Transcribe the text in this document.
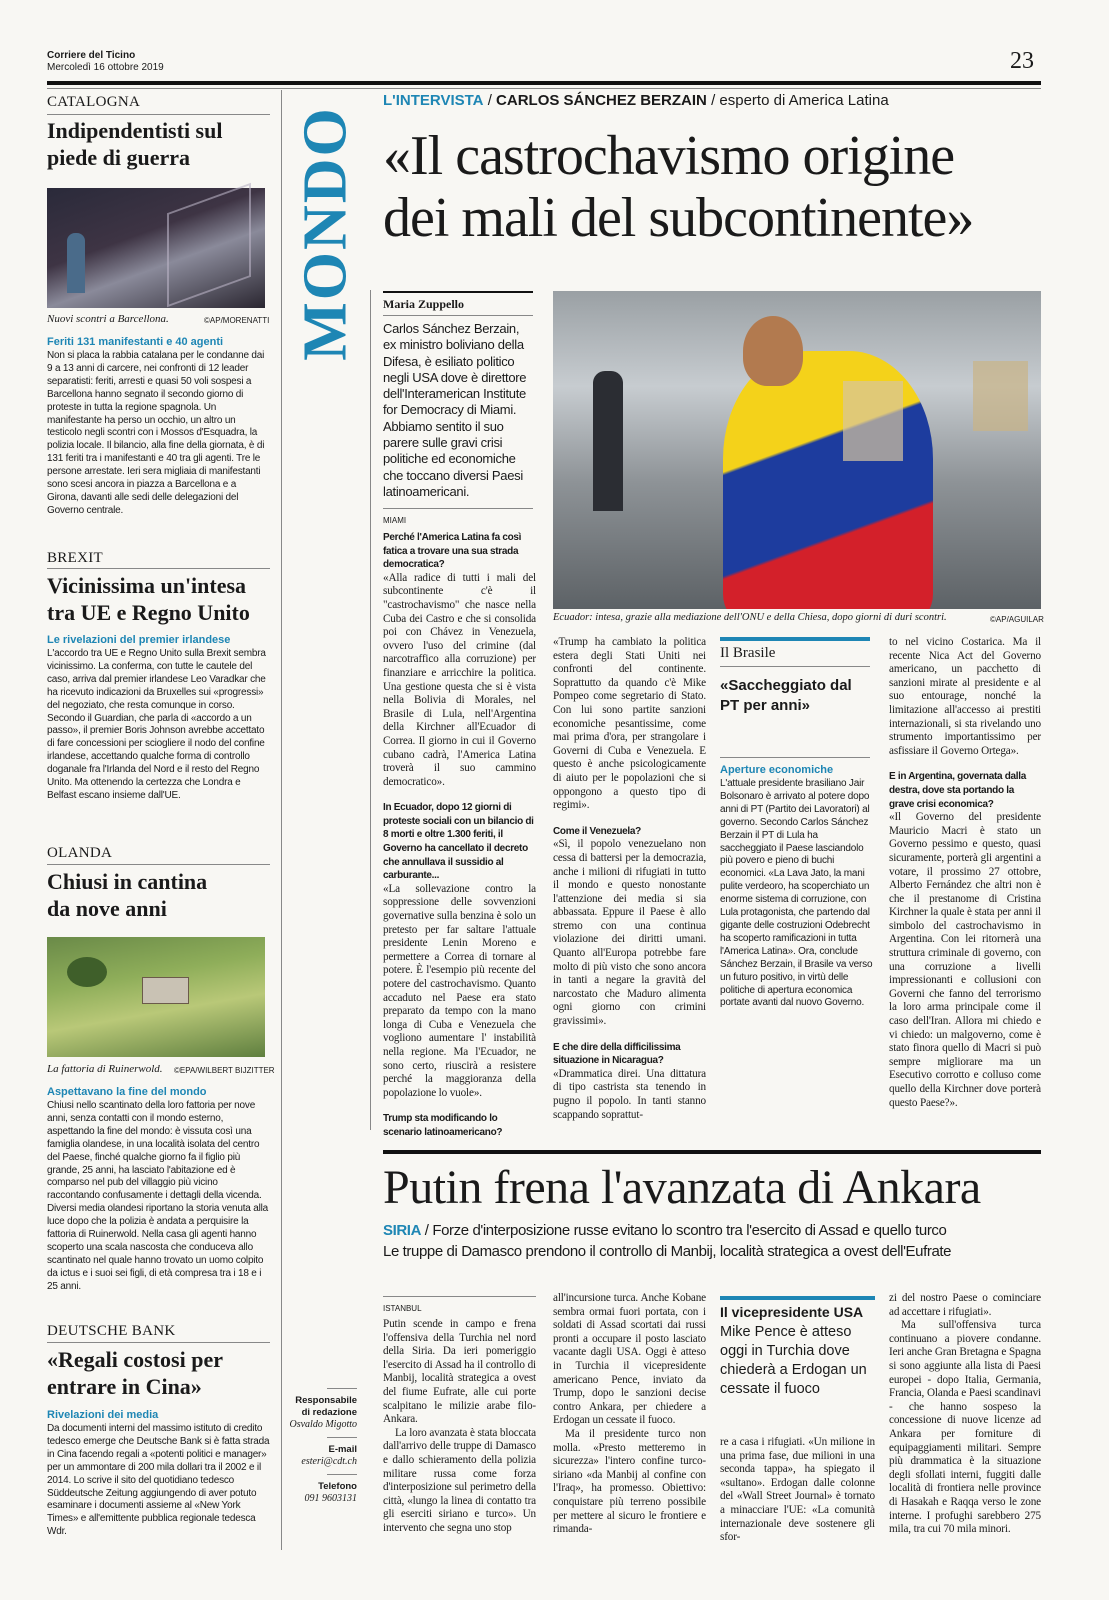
Corriere del Ticino
Mercoledì 16 ottobre 2019	23
MONDO
CATALOGNA
Indipendentisti sul piede di guerra
Nuovi scontri a Barcellona.	©AP/MORENATTI
Feriti 131 manifestanti e 40 agenti
Non si placa la rabbia catalana per le condanne dai 9 a 13 anni di carcere, nei confronti di 12 leader separatisti: feriti, arresti e quasi 50 voli sospesi a Barcellona hanno segnato il secondo giorno di proteste in tutta la regione spagnola. Un manifestante ha perso un occhio, un altro un testicolo negli scontri con i Mossos d'Esquadra, la polizia locale. Il bilancio, alla fine della giornata, è di 131 feriti tra i manifestanti e 40 tra gli agenti. Tre le persone arrestate. Ieri sera migliaia di manifestanti sono scesi ancora in piazza a Barcellona e a Girona, davanti alle sedi delle delegazioni del Governo centrale.
BREXIT
Vicinissima un'intesa tra UE e Regno Unito
Le rivelazioni del premier irlandese
L'accordo tra UE e Regno Unito sulla Brexit sembra vicinissimo. La conferma, con tutte le cautele del caso, arriva dal premier irlandese Leo Varadkar che ha ricevuto indicazioni da Bruxelles sui «progressi» del negoziato, che resta comunque in corso. Secondo il Guardian, che parla di «accordo a un passo», il premier Boris Johnson avrebbe accettato di fare concessioni per sciogliere il nodo del confine irlandese, accettando qualche forma di controllo doganale fra l'Irlanda del Nord e il resto del Regno Unito. Ma ottenendo la certezza che Londra e Belfast escano insieme dall'UE.
OLANDA
Chiusi in cantina da nove anni
La fattoria di Ruinerwold.	©EPA/WILBERT BIJZITTER
Aspettavano la fine del mondo
Chiusi nello scantinato della loro fattoria per nove anni, senza contatti con il mondo esterno, aspettando la fine del mondo: è vissuta così una famiglia olandese, in una località isolata del centro del Paese, finché qualche giorno fa il figlio più grande, 25 anni, ha lasciato l'abitazione ed è comparso nel pub del villaggio più vicino raccontando confusamente i dettagli della vicenda. Diversi media olandesi riportano la storia venuta alla luce dopo che la polizia è andata a perquisire la fattoria di Ruinerwold. Nella casa gli agenti hanno scoperto una scala nascosta che conduceva allo scantinato nel quale hanno trovato un uomo colpito da ictus e i suoi sei figli, di età compresa tra i 18 e i 25 anni.
DEUTSCHE BANK
«Regali costosi per entrare in Cina»
Rivelazioni dei media
Da documenti interni del massimo istituto di credito tedesco emerge che Deutsche Bank si è fatta strada in Cina facendo regali a «potenti politici e manager» per un ammontare di 200 mila dollari tra il 2002 e il 2014. Lo scrive il sito del quotidiano tedesco Süddeutsche Zeitung aggiungendo di aver potuto esaminare i documenti assieme al «New York Times» e all'emittente pubblica regionale tedesca Wdr.
Responsabile di redazione
Osvaldo Migotto
E-mail
esteri@cdt.ch
Telefono
091 9603131
L'INTERVISTA / CARLOS SÁNCHEZ BERZAIN / esperto di America Latina
«Il castrochavismo origine
dei mali del subcontinente»
Maria Zuppello
Carlos Sánchez Berzain, ex ministro boliviano della Difesa, è esiliato politico negli USA dove è direttore dell'Interamerican Institute for Democracy di Miami. Abbiamo sentito il suo parere sulle gravi crisi politiche ed economiche che toccano diversi Paesi latinoamericani.
MIAMI
Ecuador: intesa, grazie alla mediazione dell'ONU e della Chiesa, dopo giorni di duri scontri.	©AP/AGUILAR
Perché l'America Latina fa così fatica a trovare una sua strada democratica?
«Alla radice di tutti i mali del subcontinente c'è il "castrochavismo" che nasce nella Cuba dei Castro e che si consolida poi con Chávez in Venezuela, ovvero l'uso del crimine (dal narcotraffico alla corruzione) per finanziare e arricchire la politica. Una gestione questa che si è vista nella Bolivia di Morales, nel Brasile di Lula, nell'Argentina della Kirchner all'Ecuador di Correa. Il giorno in cui il Governo cubano cadrà, l'America Latina troverà il suo cammino democratico».
In Ecuador, dopo 12 giorni di proteste sociali con un bilancio di 8 morti e oltre 1.300 feriti, il Governo ha cancellato il decreto che annullava il sussidio al carburante...
«La sollevazione contro la soppressione delle sovvenzioni governative sulla benzina è solo un pretesto per far saltare l'attuale presidente Lenin Moreno e permettere a Correa di tornare al potere. È l'esempio più recente del potere del castrochavismo. Quanto accaduto nel Paese era stato preparato da tempo con la mano longa di Cuba e Venezuela che vogliono aumentare l' instabilità nella regione. Ma l'Ecuador, ne sono certo, riuscirà a resistere perché la maggioranza della popolazione lo vuole».
Trump sta modificando lo scenario latinoamericano?
«Trump ha cambiato la politica estera degli Stati Uniti nei confronti del continente. Soprattutto da quando c'è Mike Pompeo come segretario di Stato. Con lui sono partite sanzioni economiche pesantissime, come mai prima d'ora, per strangolare i Governi di Cuba e Venezuela. E questo è anche psicologicamente di aiuto per le popolazioni che si oppongono a questo tipo di regimi».
Come il Venezuela?
«Sì, il popolo venezuelano non cessa di battersi per la democrazia, anche i milioni di rifugiati in tutto il mondo e questo nonostante l'attenzione dei media si sia abbassata. Eppure il Paese è allo stremo con una continua violazione dei diritti umani. Quanto all'Europa potrebbe fare molto di più visto che sono ancora in tanti a negare la gravità del narcostato che Maduro alimenta ogni giorno con crimini gravissimi».
E che dire della difficilissima situazione in Nicaragua?
«Drammatica direi. Una dittatura di tipo castrista sta tenendo in pugno il popolo. In tanti stanno scappando soprattut-
Il Brasile
«Saccheggiato dal PT per anni»
Aperture economiche
L'attuale presidente brasiliano Jair Bolsonaro è arrivato al potere dopo anni di PT (Partito dei Lavoratori) al governo. Secondo Carlos Sánchez Berzain il PT di Lula ha saccheggiato il Paese lasciandolo più povero e pieno di buchi economici. «La Lava Jato, la mani pulite verdeoro, ha scoperchiato un enorme sistema di corruzione, con Lula protagonista, che partendo dal gigante delle costruzioni Odebrecht ha scoperto ramificazioni in tutta l'America Latina». Ora, conclude Sánchez Berzain, il Brasile va verso un futuro positivo, in virtù delle politiche di apertura economica portate avanti dal nuovo Governo.
to nel vicino Costarica. Ma il recente Nica Act del Governo americano, un pacchetto di sanzioni mirate al presidente e al suo entourage, nonché la limitazione all'accesso ai prestiti internazionali, si sta rivelando uno strumento importantissimo per asfissiare il Governo Ortega».
E in Argentina, governata dalla destra, dove sta portando la grave crisi economica?
«Il Governo del presidente Mauricio Macri è stato un Governo pessimo e questo, quasi sicuramente, porterà gli argentini a votare, il prossimo 27 ottobre, Alberto Fernández che altri non è che il prestanome di Cristina Kirchner la quale è stata per anni il simbolo del castrochavismo in Argentina. Con lei ritornerà una struttura criminale di governo, con una corruzione a livelli impressionanti e collusioni con Governi che fanno del terrorismo la loro arma principale come il caso dell'Iran. Allora mi chiedo e vi chiedo: un malgoverno, come è stato finora quello di Macri si può sempre migliorare ma un Esecutivo corrotto e colluso come quello della Kirchner dove porterà questo Paese?».
Putin frena l'avanzata di Ankara
SIRIA / Forze d'interposizione russe evitano lo scontro tra l'esercito di Assad e quello turco
Le truppe di Damasco prendono il controllo di Manbij, località strategica a ovest dell'Eufrate
ISTANBUL
Putin scende in campo e frena l'offensiva della Turchia nel nord della Siria. Da ieri pomeriggio l'esercito di Assad ha il controllo di Manbij, località strategica a ovest del fiume Eufrate, alle cui porte scalpitano le milizie arabe filo-Ankara.
La loro avanzata è stata bloccata dall'arrivo delle truppe di Damasco e dallo schieramento della polizia militare russa come forza d'interposizione sul perimetro della città, «lungo la linea di contatto tra gli eserciti siriano e turco». Un intervento che segna uno stop
all'incursione turca. Anche Kobane sembra ormai fuori portata, con i soldati di Assad scortati dai russi pronti a occupare il posto lasciato vacante dagli USA. Oggi è atteso in Turchia il vicepresidente americano Pence, inviato da Trump, dopo le sanzioni decise contro Ankara, per chiedere a Erdogan un cessate il fuoco.
Ma il presidente turco non molla. «Presto metteremo in sicurezza» l'intero confine turco-siriano «da Manbij al confine con l'Iraq», ha promesso. Obiettivo: conquistare più terreno possibile per mettere al sicuro le frontiere e rimanda-
Il vicepresidente USA
Mike Pence è atteso oggi in Turchia dove chiederà a Erdogan un cessate il fuoco
re a casa i rifugiati. «Un milione in una prima fase, due milioni in una seconda tappa», ha spiegato il «sultano». Erdogan dalle colonne del «Wall Street Journal» è tornato a minacciare l'UE: «La comunità internazionale deve sostenere gli sfor-
zi del nostro Paese o cominciare ad accettare i rifugiati».
Ma sull'offensiva turca continuano a piovere condanne. Ieri anche Gran Bretagna e Spagna si sono aggiunte alla lista di Paesi europei - dopo Italia, Germania, Francia, Olanda e Paesi scandinavi - che hanno sospeso la concessione di nuove licenze ad Ankara per forniture di equipaggiamenti militari. Sempre più drammatica è la situazione degli sfollati interni, fuggiti dalle località di frontiera nelle province di Hasakah e Raqqa verso le zone interne. I profughi sarebbero 275 mila, tra cui 70 mila minori.
